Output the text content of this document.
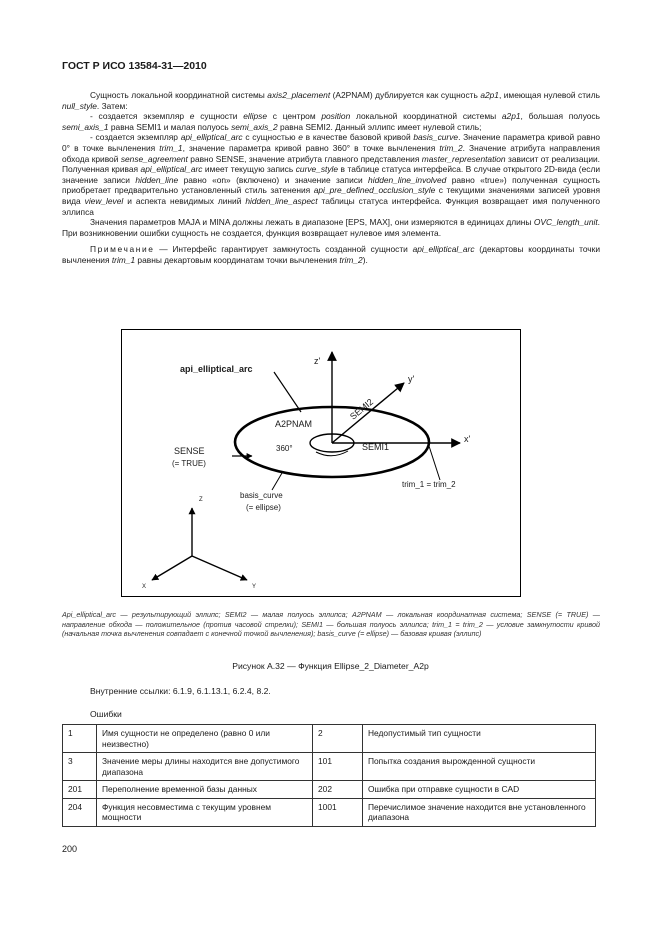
ГОСТ Р ИСО 13584-31—2010

Сущность локальной координатной системы axis2_placement (A2PNAM) дублируется как сущность a2p1, имеющая нулевой стиль null_style. Затем:

- создается экземпляр e сущности ellipse с центром position локальной координатной системы a2p1, большая полуось semi_axis_1 равна SEMI1 и малая полуось semi_axis_2 равна SEMI2. Данный эллипс имеет нулевой стиль;

- создается экземпляр api_elliptical_arc с сущностью e в качестве базовой кривой basis_curve. Значение параметра кривой равно 0° в точке вычленения trim_1, значение параметра кривой равно 360° в точке вычленения trim_2. Значение атрибута направления обхода кривой sense_agreement равно SENSE, значение атрибута главного представления master_representation зависит от реализации. Полученная кривая api_elliptical_arc имеет текущую запись curve_style в таблице статуса интерфейса. В случае открытого 2D-вида (если значение записи hidden_line равно «on» (включено) и значение записи hidden_line_involved равно «true») полученная сущность приобретает предварительно установленный стиль затенения api_pre_defined_occlusion_style с текущими значениями записей уровня вида view_level и аспекта невидимых линий hidden_line_aspect таблицы статуса интерфейса. Функция возвращает имя полученного эллипса

Значения параметров MAJA и MINA должны лежать в диапазоне [EPS, MAX], они измеряются в единицах длины OVC_length_unit. При возникновении ошибки сущность не создается, функция возвращает нулевое имя элемента.

Примечание — Интерфейс гарантирует замкнутость созданной сущности api_elliptical_arc (декартовы координаты точки вычленения trim_1 равны декартовым координатам точки вычленения trim_2).

z'
y'
x'
api_elliptical_arc
A2PNAM
SEMI2
SEMI1
360°
SENSE
(= TRUE)
trim_1 = trim_2
basis_curve
(= ellipse)
Z
X	Y
Api_elliptical_arc — результирующий эллипс; SEMI2 — малая полуось эллипса; A2PNAM — локальная координатная система; SENSE (= TRUE) — направление обхода — положительное (против часовой стрелки); SEMI1 — большая полуось эллипса; trim_1 = trim_2 — условие замкнутости кривой (начальная точка вычленения совпадает с конечной точкой вычленения); basis_curve (= ellipse) — базовая кривая (эллипс)
Рисунок А.32 — Функция Ellipse_2_Diameter_A2p
Внутренние ссылки: 6.1.9, 6.1.13.1, 6.2.4, 8.2.
Ошибки
1	Имя сущности не определено (равно 0 или неизвестно)	2	Недопустимый тип сущности
3	Значение меры длины находится вне допустимого диапазона	101	Попытка создания вырожденной сущности
201	Переполнение временной базы данных	202	Ошибка при отправке сущности в CAD
204	Функция несовместима с текущим уровнем мощности	1001	Перечислимое значение находится вне установленного диапазона
200
